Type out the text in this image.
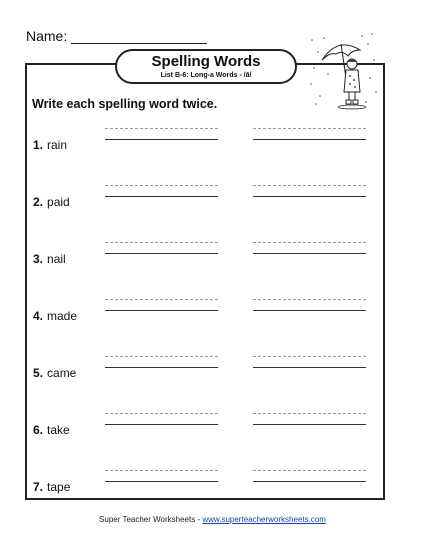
Name:
Spelling Words
List B-6: Long-a Words - /ā/
Write each spelling word twice.
1. rain
2. paid
3. nail
4. made
5. came
6. take
7. tape
Super Teacher Worksheets - www.superteacherworksheets.com
